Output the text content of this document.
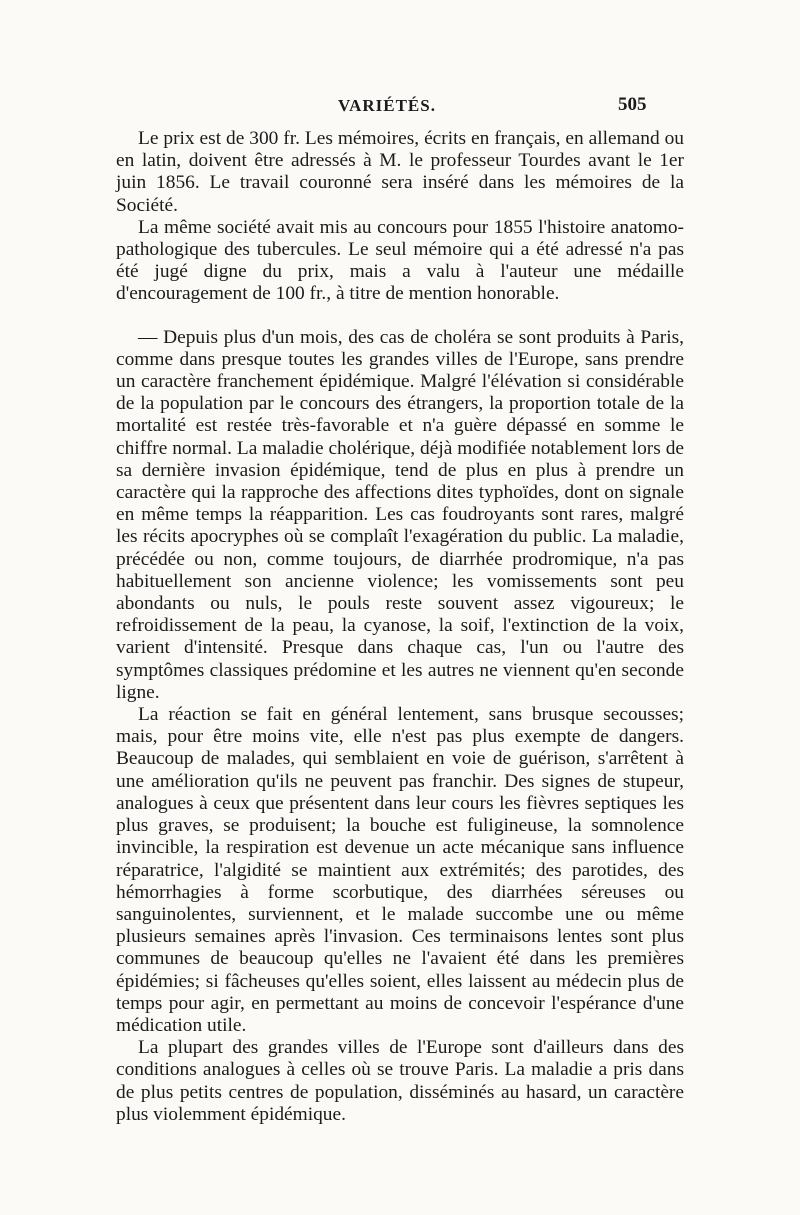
VARIÉTÉS.	505

Le prix est de 300 fr. Les mémoires, écrits en français, en allemand ou en latin, doivent être adressés à M. le professeur Tourdes avant le 1er juin 1856. Le travail couronné sera inséré dans les mémoires de la Société.

La même société avait mis au concours pour 1855 l'histoire anatomo-pathologique des tubercules. Le seul mémoire qui a été adressé n'a pas été jugé digne du prix, mais a valu à l'auteur une médaille d'encouragement de 100 fr., à titre de mention honorable.

— Depuis plus d'un mois, des cas de choléra se sont produits à Paris, comme dans presque toutes les grandes villes de l'Europe, sans prendre un caractère franchement épidémique. Malgré l'élévation si considérable de la population par le concours des étrangers, la proportion totale de la mortalité est restée très-favorable et n'a guère dépassé en somme le chiffre normal. La maladie cholérique, déjà modifiée notablement lors de sa dernière invasion épidémique, tend de plus en plus à prendre un caractère qui la rapproche des affections dites typhoïdes, dont on signale en même temps la réapparition. Les cas foudroyants sont rares, malgré les récits apocryphes où se complaît l'exagération du public. La maladie, précédée ou non, comme toujours, de diarrhée prodromique, n'a pas habituellement son ancienne violence; les vomissements sont peu abondants ou nuls, le pouls reste souvent assez vigoureux; le refroidissement de la peau, la cyanose, la soif, l'extinction de la voix, varient d'intensité. Presque dans chaque cas, l'un ou l'autre des symptômes classiques prédomine et les autres ne viennent qu'en seconde ligne.

La réaction se fait en général lentement, sans brusque secousses; mais, pour être moins vite, elle n'est pas plus exempte de dangers. Beaucoup de malades, qui semblaient en voie de guérison, s'arrêtent à une amélioration qu'ils ne peuvent pas franchir. Des signes de stupeur, analogues à ceux que présentent dans leur cours les fièvres septiques les plus graves, se produisent; la bouche est fuligineuse, la somnolence invincible, la respiration est devenue un acte mécanique sans influence réparatrice, l'algidité se maintient aux extrémités; des parotides, des hémorrhagies à forme scorbutique, des diarrhées séreuses ou sanguinolentes, surviennent, et le malade succombe une ou même plusieurs semaines après l'invasion. Ces terminaisons lentes sont plus communes de beaucoup qu'elles ne l'avaient été dans les premières épidémies; si fâcheuses qu'elles soient, elles laissent au médecin plus de temps pour agir, en permettant au moins de concevoir l'espérance d'une médication utile.

La plupart des grandes villes de l'Europe sont d'ailleurs dans des conditions analogues à celles où se trouve Paris. La maladie a pris dans de plus petits centres de population, disséminés au hasard, un caractère plus violemment épidémique.
